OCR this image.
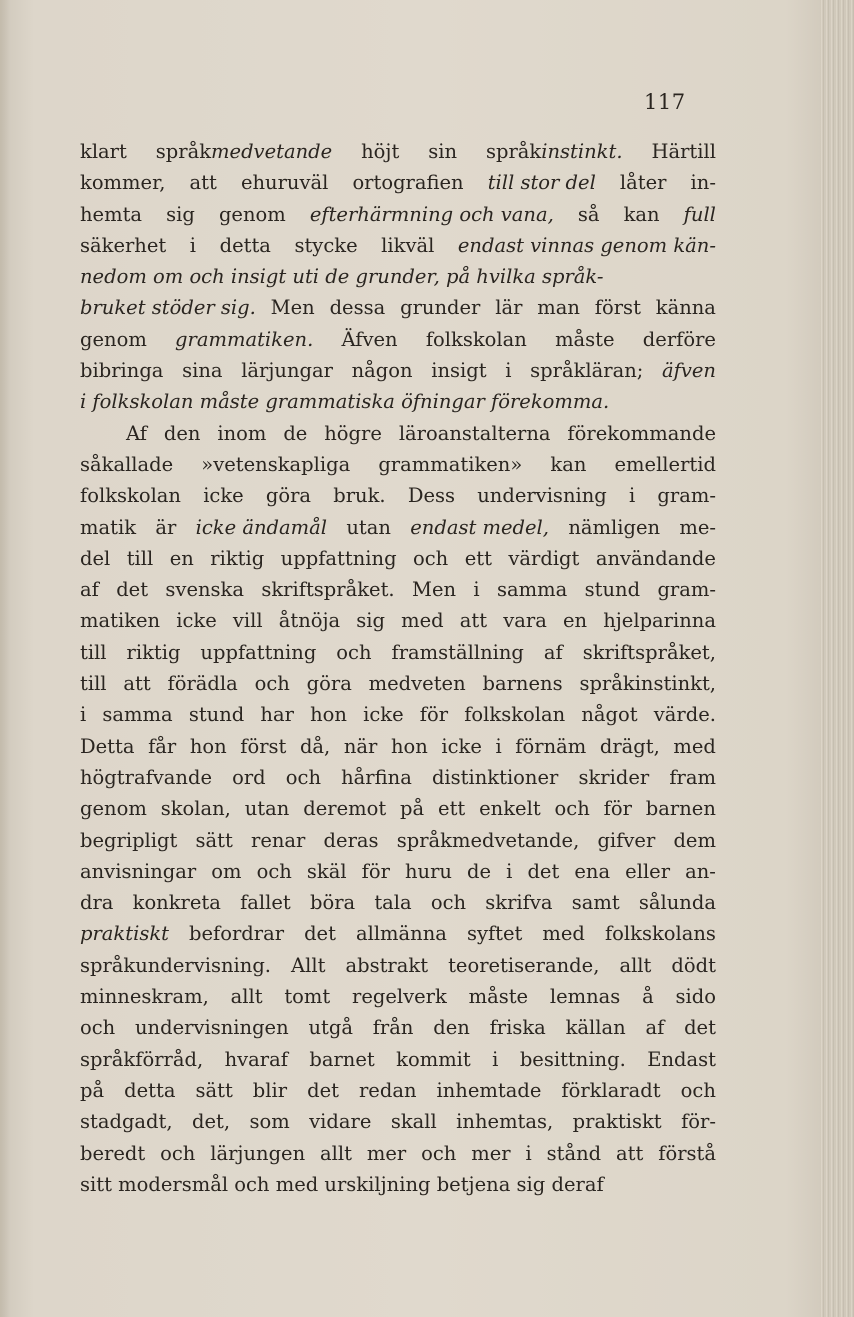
117
klart språkmedvetande höjt sin språkinstinkt. Härtill
kommer, att ehuruväl ortografien till stor del låter in-
hemta sig genom efterhärmning och vana, så kan full
säkerhet i detta stycke likväl endast vinnas genom kän-
nedom om och insigt uti de grunder, på hvilka språk-
bruket stöder sig. Men dessa grunder lär man först känna
genom grammatiken. Äfven folkskolan måste derföre
bibringa sina lärjungar någon insigt i språkläran; äfven
i folkskolan måste grammatiska öfningar förekomma.
Af den inom de högre läroanstalterna förekommande
såkallade »vetenskapliga grammatiken» kan emellertid
folkskolan icke göra bruk. Dess undervisning i gram-
matik är icke ändamål utan endast medel, nämligen me-
del till en riktig uppfattning och ett värdigt användande
af det svenska skriftspråket. Men i samma stund gram-
matiken icke vill åtnöja sig med att vara en hjelparinna
till riktig uppfattning och framställning af skriftspråket,
till att förädla och göra medveten barnens språkinstinkt,
i samma stund har hon icke för folkskolan något värde.
Detta får hon först då, när hon icke i förnäm drägt, med
högtrafvande ord och hårfina distinktioner skrider fram
genom skolan, utan deremot på ett enkelt och för barnen
begripligt sätt renar deras språkmedvetande, gifver dem
anvisningar om och skäl för huru de i det ena eller an-
dra konkreta fallet böra tala och skrifva samt sålunda
praktiskt befordrar det allmänna syftet med folkskolans
språkundervisning. Allt abstrakt teoretiserande, allt dödt
minneskram, allt tomt regelverk måste lemnas å sido
och undervisningen utgå från den friska källan af det
språkförråd, hvaraf barnet kommit i besittning. Endast
på detta sätt blir det redan inhemtade förklaradt och
stadgadt, det, som vidare skall inhemtas, praktiskt för-
beredt och lärjungen allt mer och mer i stånd att förstå
sitt
modersmål
och
med
urskiljning
betjena
sig
deraf
